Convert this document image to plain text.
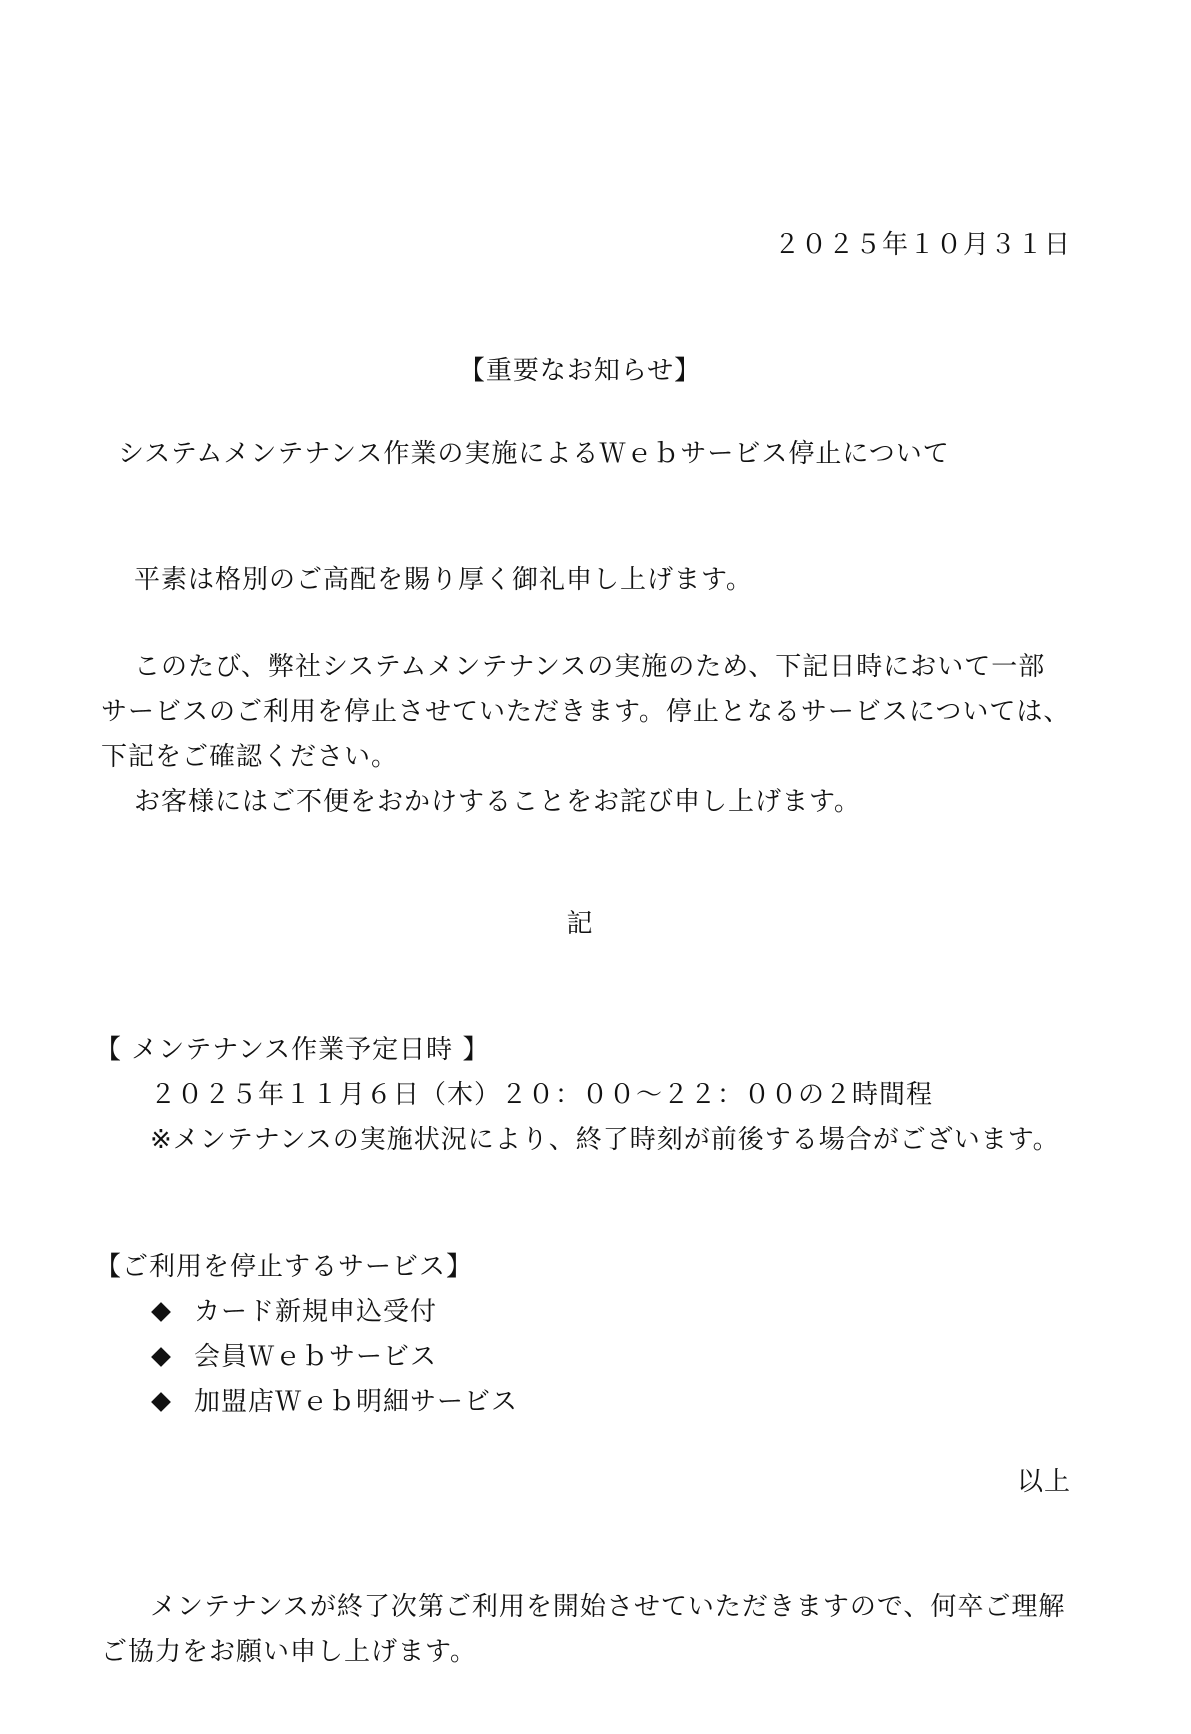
２０２５年１０月３１日
【重要なお知らせ】
システムメンテナンス作業の実施によるＷｅｂサービス停止について
平素は格別のご高配を賜り厚く御礼申し上げます。
このたび、弊社システムメンテナンスの実施のため、下記日時において一部
サービスのご利用を停止させていただきます。停止となるサービスについては、
下記をご確認ください。
お客様にはご不便をおかけすることをお詫び申し上げます。
記
【 メンテナンス作業予定日時 】
２０２５年１１月６日（木）２０：００～２２：００の２時間程
※メンテナンスの実施状況により、終了時刻が前後する場合がございます。
【ご利用を停止するサービス】
カード新規申込受付
会員Ｗｅｂサービス
加盟店Ｗｅｂ明細サービス
以上
メンテナンスが終了次第ご利用を開始させていただきますので、何卒ご理解
ご協力をお願い申し上げます。
